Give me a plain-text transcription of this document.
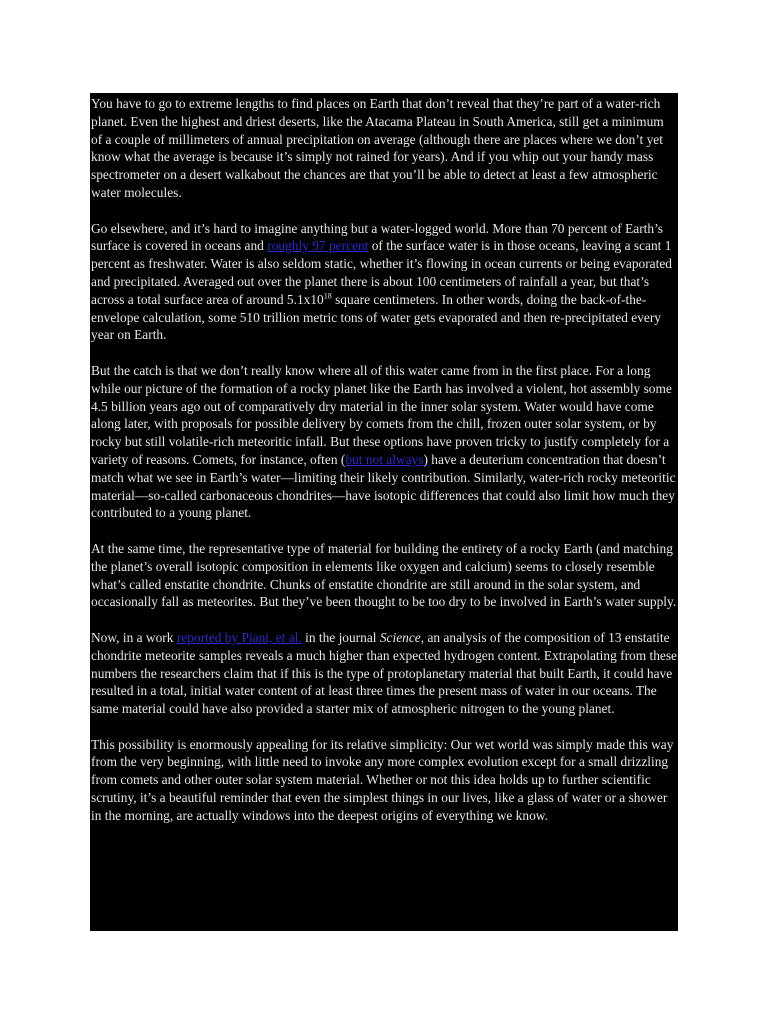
You have to go to extreme lengths to find places on Earth that don’t reveal that they’re part of a water-rich planet. Even the highest and driest deserts, like the Atacama Plateau in South America, still get a minimum of a couple of millimeters of annual precipitation on average (although there are places where we don’t yet know what the average is because it’s simply not rained for years). And if you whip out your handy mass spectrometer on a desert walkabout the chances are that you’ll be able to detect at least a few atmospheric water molecules.

Go elsewhere, and it’s hard to imagine anything but a water-logged world. More than 70 percent of Earth’s surface is covered in oceans and roughly 97 percent of the surface water is in those oceans, leaving a scant 1 percent as freshwater. Water is also seldom static, whether it’s flowing in ocean currents or being evaporated and precipitated. Averaged out over the planet there is about 100 centimeters of rainfall a year, but that’s across a total surface area of around $5.1x10^{18}$ square centimeters. In other words, doing the back-of-the-envelope calculation, some 510 trillion metric tons of water gets evaporated and then re-precipitated every year on Earth.

But the catch is that we don’t really know where all of this water came from in the first place. For a long while our picture of the formation of a rocky planet like the Earth has involved a violent, hot assembly some 4.5 billion years ago out of comparatively dry material in the inner solar system. Water would have come along later, with proposals for possible delivery by comets from the chill, frozen outer solar system, or by rocky but still volatile-rich meteoritic infall. But these options have proven tricky to justify completely for a variety of reasons. Comets, for instance, often (but not always) have a deuterium concentration that doesn’t match what we see in Earth’s water—limiting their likely contribution. Similarly, water-rich rocky meteoritic material—so-called carbonaceous chondrites—have isotopic differences that could also limit how much they contributed to a young planet.

At the same time, the representative type of material for building the entirety of a rocky Earth (and matching the planet’s overall isotopic composition in elements like oxygen and calcium) seems to closely resemble what’s called enstatite chondrite. Chunks of enstatite chondrite are still around in the solar system, and occasionally fall as meteorites. But they’ve been thought to be too dry to be involved in Earth’s water supply.

Now, in a work reported by Piani, et al. in the journal Science, an analysis of the composition of 13 enstatite chondrite meteorite samples reveals a much higher than expected hydrogen content. Extrapolating from these numbers the researchers claim that if this is the type of protoplanetary material that built Earth, it could have resulted in a total, initial water content of at least three times the present mass of water in our oceans. The same material could have also provided a starter mix of atmospheric nitrogen to the young planet.

This possibility is enormously appealing for its relative simplicity: Our wet world was simply made this way from the very beginning, with little need to invoke any more complex evolution except for a small drizzling from comets and other outer solar system material. Whether or not this idea holds up to further scientific scrutiny, it’s a beautiful reminder that even the simplest things in our lives, like a glass of water or a shower in the morning, are actually windows into the deepest origins of everything we know.
